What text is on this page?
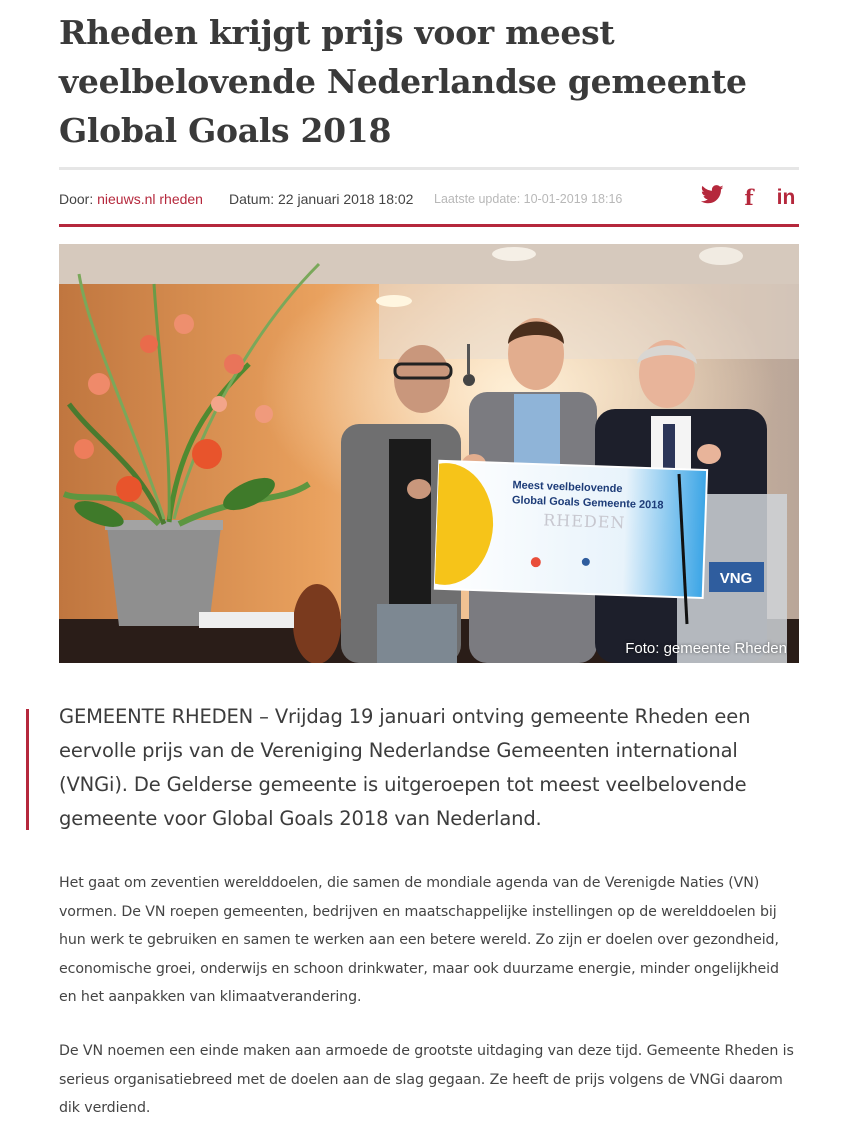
Rheden krijgt prijs voor meest veelbelovende Nederlandse gemeente Global Goals 2018
Door: nieuws.nl rheden Datum: 22 januari 2018 18:02 Laatste update: 10-01-2019 18:16	f	in
VNG
Meest veelbelovende
Global Goals Gemeente 2018
RHEDEN
Foto: gemeente Rheden

GEMEENTE RHEDEN – Vrijdag 19 januari ontving gemeente Rheden een eervolle prijs van de Vereniging Nederlandse Gemeenten international (VNGi). De Gelderse gemeente is uitgeroepen tot meest veelbelovende gemeente voor Global Goals 2018 van Nederland.

Het gaat om zeventien werelddoelen, die samen de mondiale agenda van de Verenigde Naties (VN) vormen. De VN roepen gemeenten, bedrijven en maatschappelijke instellingen op de werelddoelen bij hun werk te gebruiken en samen te werken aan een betere wereld. Zo zijn er doelen over gezondheid, economische groei, onderwijs en schoon drinkwater, maar ook duurzame energie, minder ongelijkheid en het aanpakken van klimaatverandering.

De VN noemen een einde maken aan armoede de grootste uitdaging van deze tijd. Gemeente Rheden is serieus organisatiebreed met de doelen aan de slag gegaan. Ze heeft de prijs volgens de VNGi daarom dik verdiend.
